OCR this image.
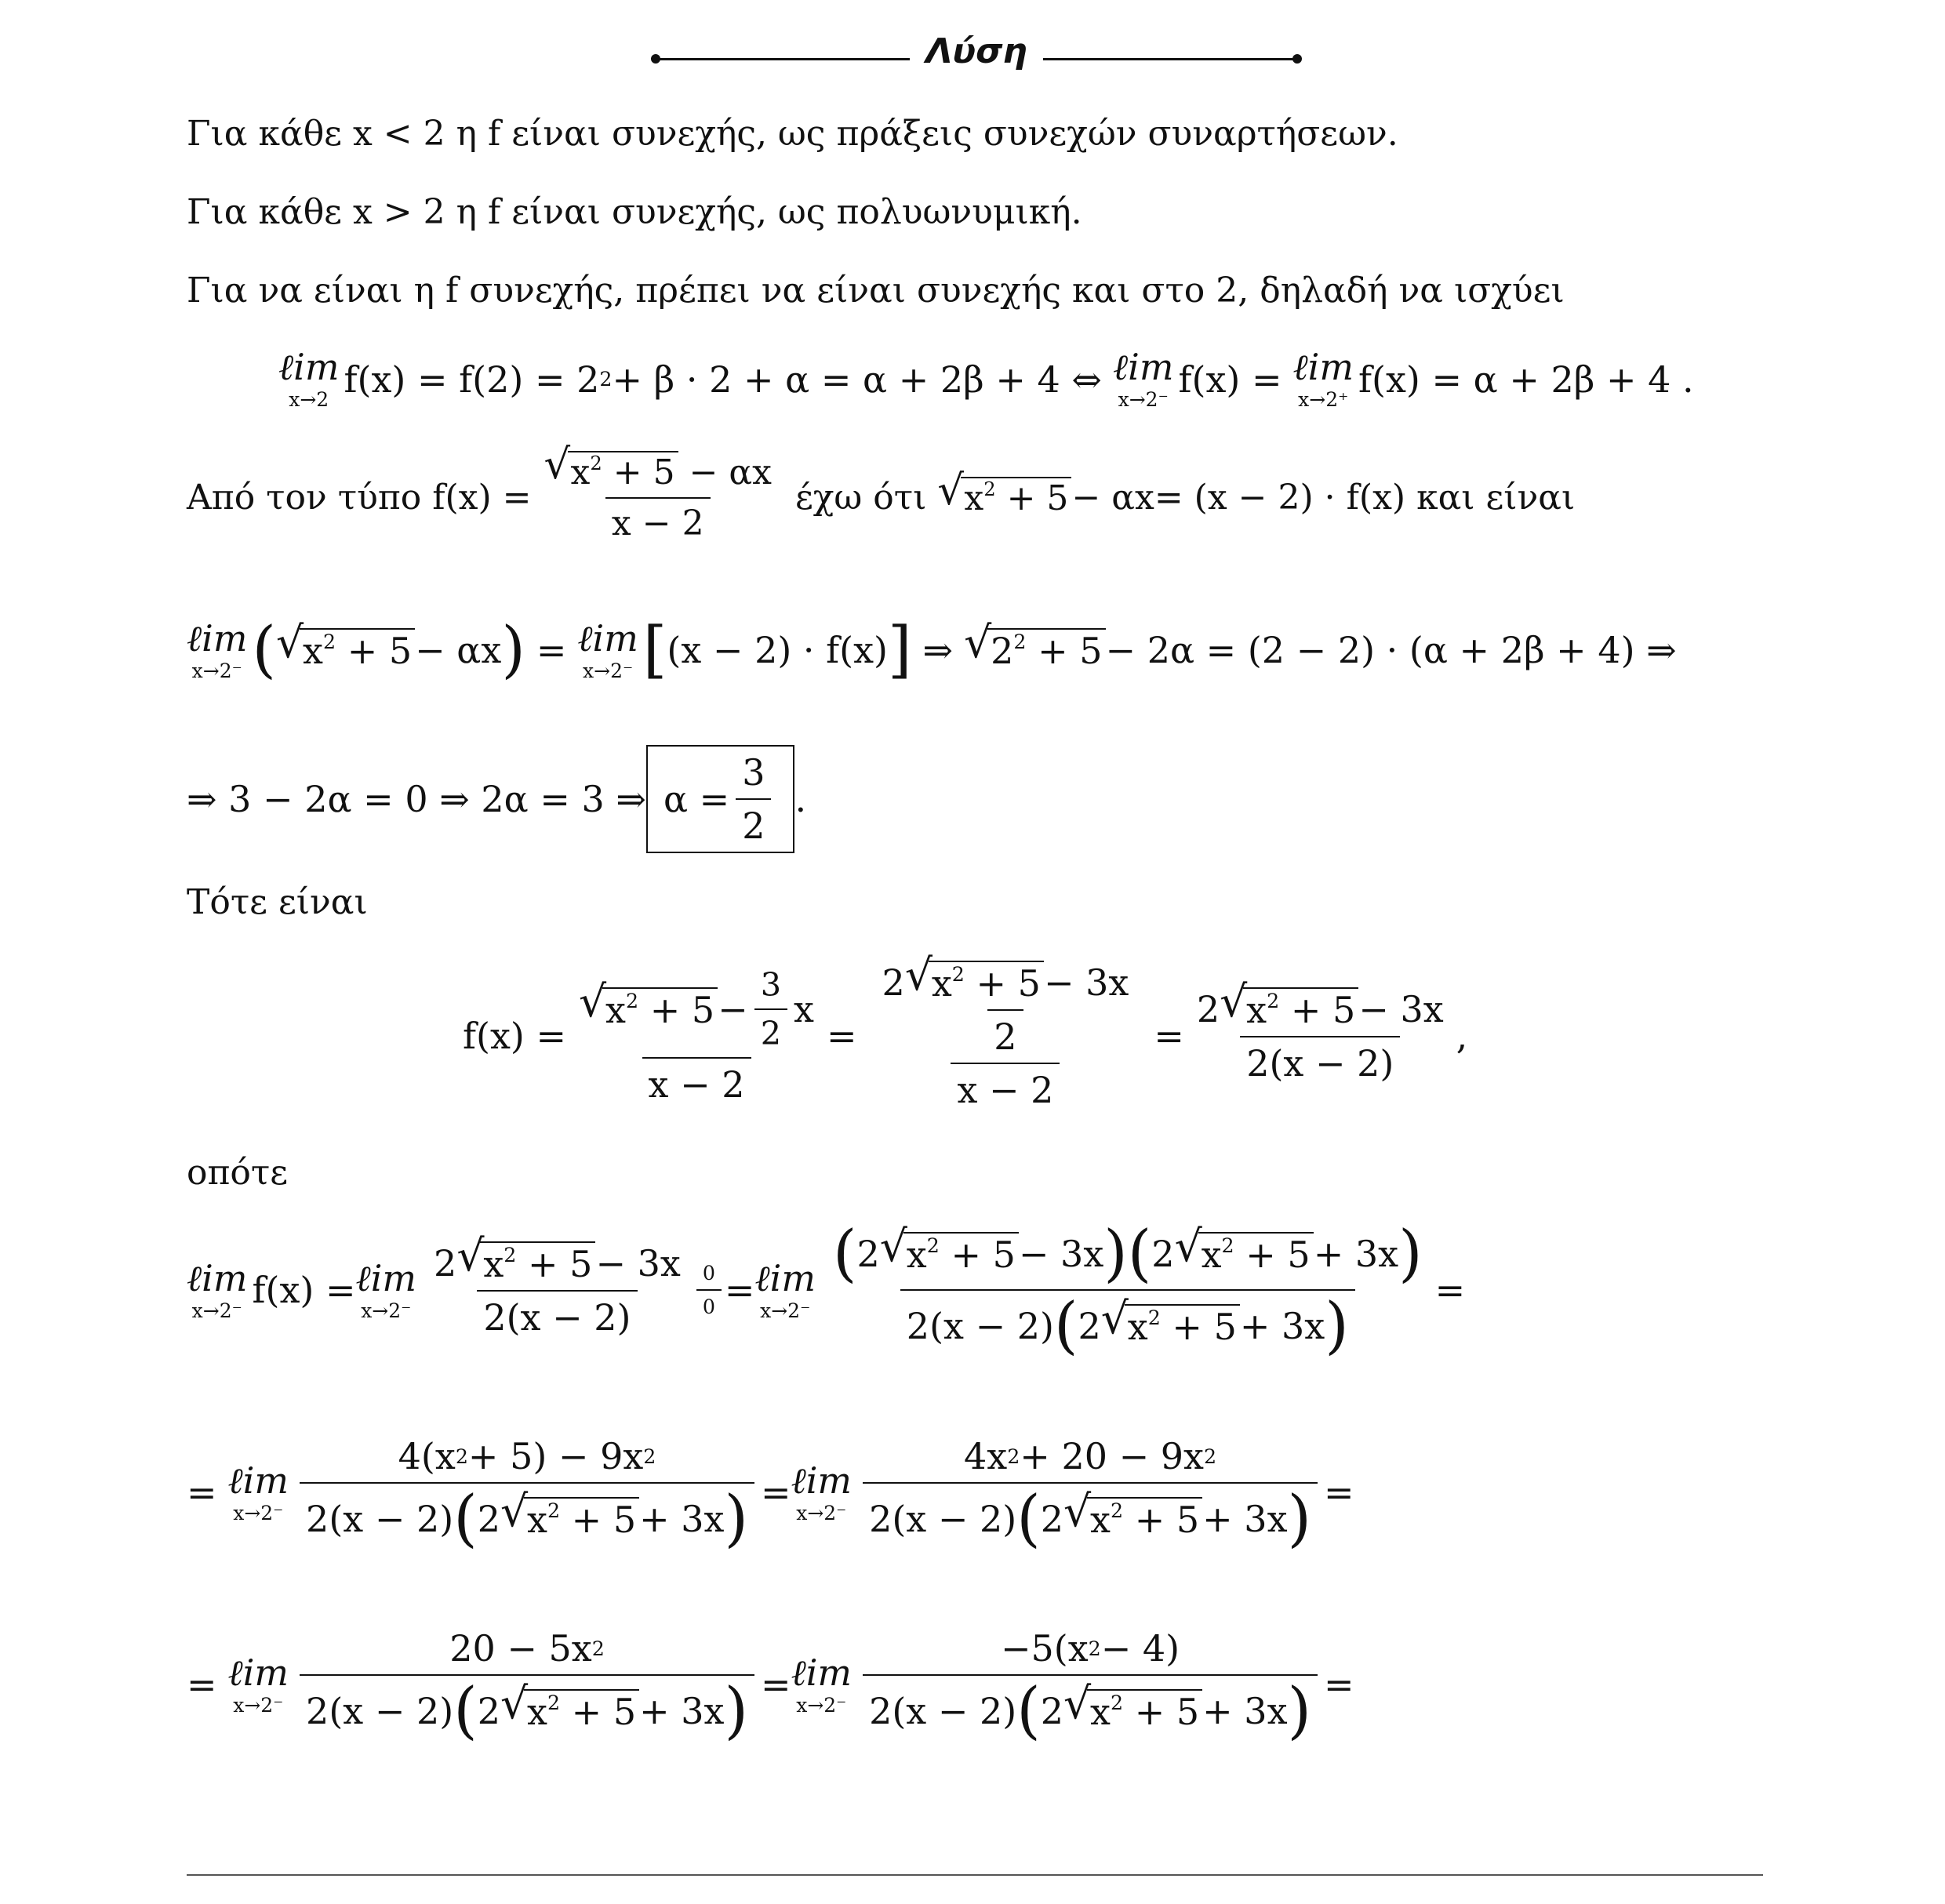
Λύση
Για κάθε x < 2 η f είναι συνεχής, ως πράξεις συνεχών συναρτήσεων.
Για κάθε x > 2 η f είναι συνεχής, ως πολυωνυμική.
Για να είναι η f συνεχής, πρέπει να είναι συνεχής και στο 2, δηλαδή να ισχύει
ℓim
x→2 f(x) = f(2) = 2 2 + β · 2 + α = α + 2β + 4 ⇔ ℓim
x→2⁻ f(x) = ℓim
x→2⁺ f(x) = α + 2β + 4 .
Από τον τύπο $f(x) = \frac{√ x^2 + 5 - \alpha x}{x - 2}$ έχω ότι √ $x^2 + 5 - \alpha x = (x - 2) \cdot f(x)$ και είναι
ℓim
x→2⁻ ( √
$x^2 + 5 - \alpha x$ ) = ℓim
x→2⁻ [ (x − 2) · f(x) ] ⇒ √
$2^2 + 5 - 2\alpha = (2 - 2) \cdot (\alpha + 2\beta + 4)$ ⇒
⇒ 3 − 2α = 0 ⇒ 2α = 3 ⇒ $\alpha = \frac{3}{2}$ .
Τότε είναι
f(x) = √
$x^2 + 5 - \frac{3}{2}$ x
x − 2 = 2 √
$x^2 + 5 - 3x$
2
x − 2 = 2 √
$x^2 + 5 - 3x$
2(x − 2) ,
οπότε
ℓim
x→2⁻ f(x) = ℓim
x→2⁻ 2 √
$x^2 + 5 - 3x$
$2(x - 2) \frac{0}{0}$ = ℓim
x→2⁻ ( 2 √
$x^2 + 5 - 3x$ ) ( 2 √
$x^2 + 5 + 3x$ )
2(x − 2) ( 2 √
$x^2 + 5 + 3x$ ) =
= ℓim
x→2⁻ 4(x 2 + 5) − 9x 2
2(x − 2) ( 2 √
$x^2 + 5 + 3x$ ) = ℓim
x→2⁻ 4x 2 + 20 − 9x 2
2(x − 2) ( 2 √
$x^2 + 5 + 3x$ ) =
= ℓim
x→2⁻ 20 − 5x 2
2(x − 2) ( 2 √
$x^2 + 5 + 3x$ ) = ℓim
x→2⁻ −5(x 2 − 4)
2(x − 2) ( 2 √
$x^2 + 5 + 3x$ ) =
